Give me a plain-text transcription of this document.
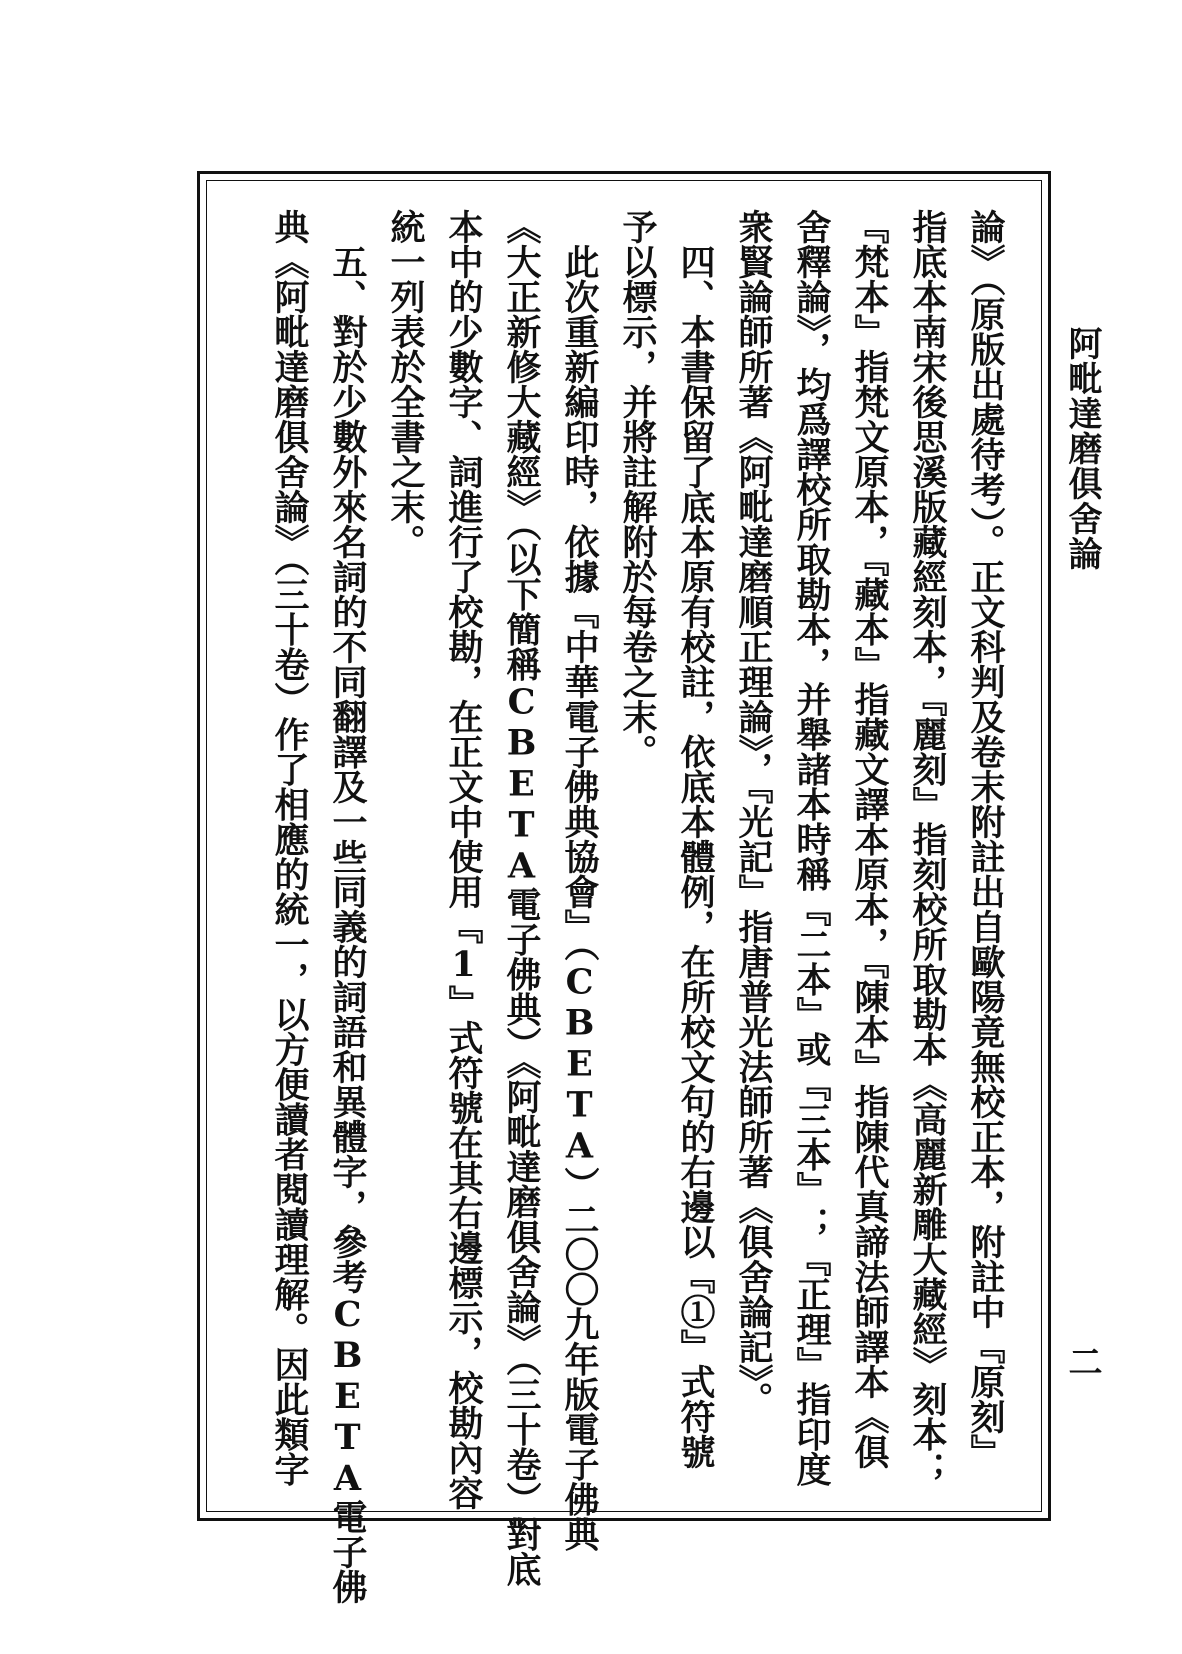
阿毗達磨俱舍論
二
論》（原版出處待考）。正文科判及卷末附註出自歐陽竟無校正本，附註中『原刻』
指底本南宋後思溪版藏經刻本，『麗刻』指刻校所取勘本《高麗新雕大藏經》刻本；
『梵本』指梵文原本，『藏本』指藏文譯本原本，『陳本』指陳代真諦法師譯本《俱
舍釋論》，均爲譯校所取勘本，并舉諸本時稱『二本』或『三本』；『正理』指印度
衆賢論師所著《阿毗達磨順正理論》，『光記』指唐普光法師所著《俱舍論記》。
　四、本書保留了底本原有校註，依底本體例，在所校文句的右邊以『①』式符號
予以標示，并將註解附於每卷之末。
　此次重新編印時，依據『中華電子佛典協會』（CBETA）二〇〇九年版電子佛典
《大正新修大藏經》（以下簡稱CBETA電子佛典）《阿毗達磨俱舍論》（三十卷）對底
本中的少數字、詞進行了校勘，在正文中使用『1』式符號在其右邊標示，校勘內容
統一列表於全書之末。
　五、對於少數外來名詞的不同翻譯及一些同義的詞語和異體字，參考CBETA電子佛
典《阿毗達磨俱舍論》（三十卷）作了相應的統一，以方便讀者閱讀理解。因此類字
